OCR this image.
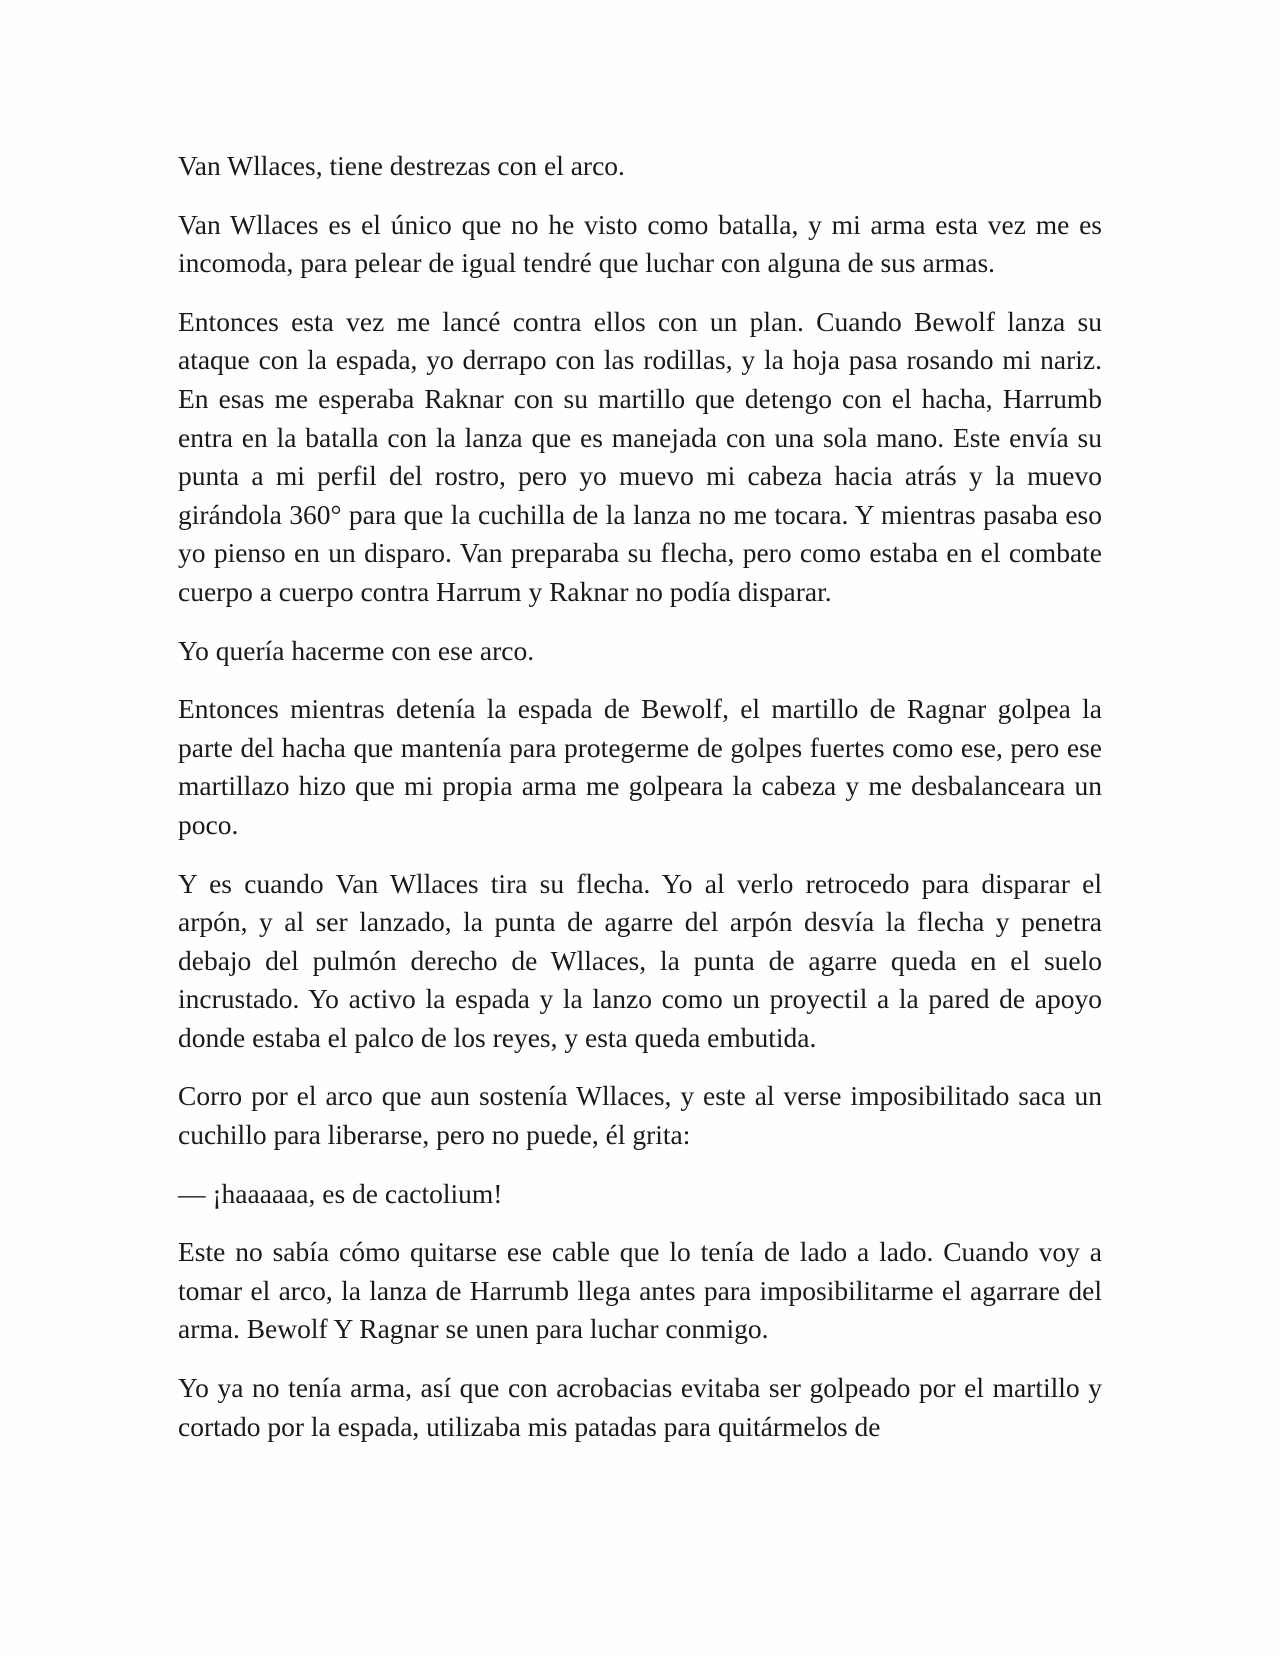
Van Wllaces, tiene destrezas con el arco.

Van Wllaces es el único que no he visto como batalla, y mi arma esta vez me es incomoda, para pelear de igual tendré que luchar con alguna de sus armas.

Entonces esta vez me lancé contra ellos con un plan. Cuando Bewolf lanza su ataque con la espada, yo derrapo con las rodillas, y la hoja pasa rosando mi nariz. En esas me esperaba Raknar con su martillo que detengo con el hacha, Harrumb entra en la batalla con la lanza que es manejada con una sola mano. Este envía su punta a mi perfil del rostro, pero yo muevo mi cabeza hacia atrás y la muevo girándola 360° para que la cuchilla de la lanza no me tocara. Y mientras pasaba eso yo pienso en un disparo. Van preparaba su flecha, pero como estaba en el combate cuerpo a cuerpo contra Harrum y Raknar no podía disparar.

Yo quería hacerme con ese arco.

Entonces mientras detenía la espada de Bewolf, el martillo de Ragnar golpea la parte del hacha que mantenía para protegerme de golpes fuertes como ese, pero ese martillazo hizo que mi propia arma me golpeara la cabeza y me desbalanceara un poco.

Y es cuando Van Wllaces tira su flecha. Yo al verlo retrocedo para disparar el arpón, y al ser lanzado, la punta de agarre del arpón desvía la flecha y penetra debajo del pulmón derecho de Wllaces, la punta de agarre queda en el suelo incrustado. Yo activo la espada y la lanzo como un proyectil a la pared de apoyo donde estaba el palco de los reyes, y esta queda embutida.

Corro por el arco que aun sostenía Wllaces, y este al verse imposibilitado saca un cuchillo para liberarse, pero no puede, él grita:

— ¡haaaaaa, es de cactolium!

Este no sabía cómo quitarse ese cable que lo tenía de lado a lado. Cuando voy a tomar el arco, la lanza de Harrumb llega antes para imposibilitarme el agarrare del arma. Bewolf Y Ragnar se unen para luchar conmigo.

Yo ya no tenía arma, así que con acrobacias evitaba ser golpeado por el martillo y cortado por la espada, utilizaba mis patadas para quitármelos de
